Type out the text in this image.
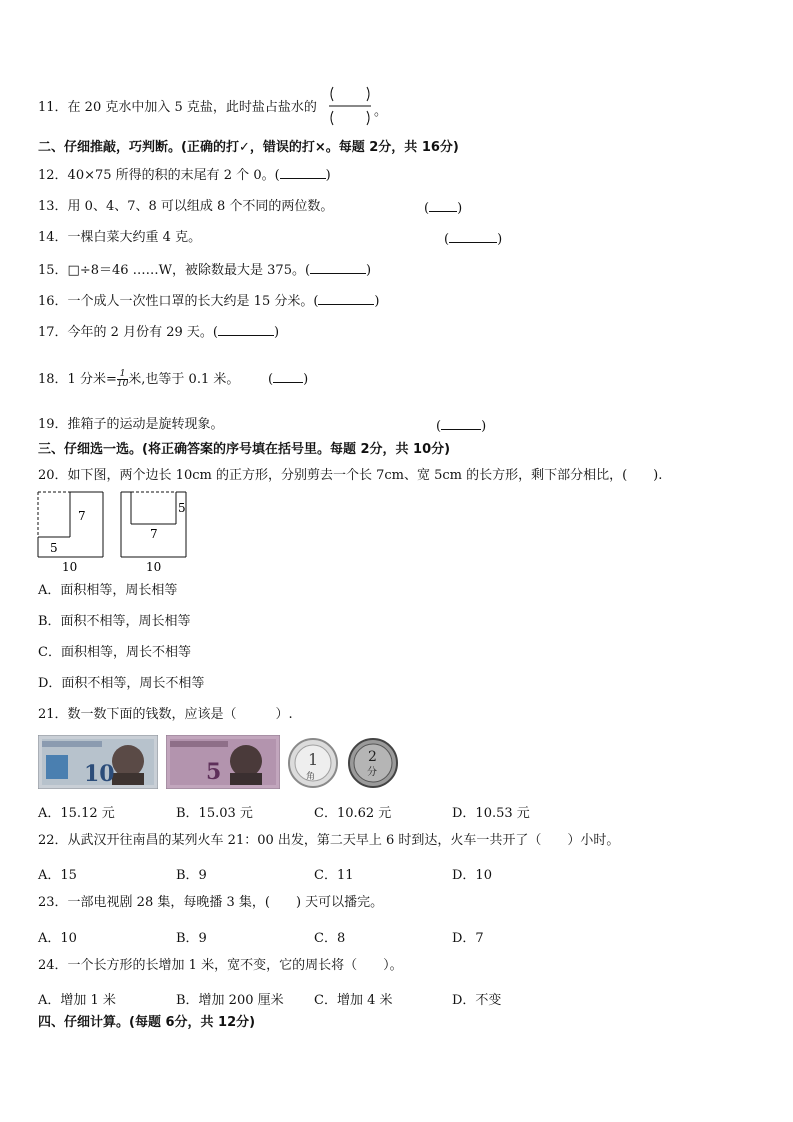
11．在 20 克水中加入 5 克盐，此时盐占盐水的	。
二、仔细推敲，巧判断。(正确的打✓，错误的打×。每题 2分，共 16分)
12．40×75 所得的积的末尾有 2 个 0。(	)
13．用 0、4、7、8 可以组成 8 个不同的两位数。	( )
14．一棵白菜大约重 4 克。	(	)
15．□÷8＝46 ……W，被除数最大是 375。(	)
16．一个成人一次性口罩的长大约是 15 分米。(	)
17．今年的 2 月份有 29 天。(	)
18．1 分米= $\frac{1}{10}$ 米,也等于 0.1 米。 ( )
19．推箱子的运动是旋转现象。	(	)
三、仔细选一选。(将正确答案的序号填在括号里。每题 2分，共 10分)
20．如下图，两个边长 10cm 的正方形，分别剪去一个长 7cm、宽 5cm 的长方形，剩下部分相比，(　　).
7
5
10
5
7
10
A．面积相等，周长相等
B．面积不相等，周长相等
C．面积相等，周长不相等
D．面积不相等，周长不相等
21．数一数下面的钱数，应该是（　　　）.
10	5	1
角
2
分
A．15.12 元	B．15.03 元	C．10.62 元	D．10.53 元
22．从武汉开往南昌的某列火车 21：00 出发，第二天早上 6 时到达，火车一共开了（　　）小时。
A．15	B．9	C．11	D．10
23．一部电视剧 28 集，每晚播 3 集，(　　) 天可以播完。
A．10	B．9	C．8	D．7
24．一个长方形的长增加 1 米，宽不变，它的周长将（　　）。
A．增加 1 米	B．增加 200 厘米 C．增加 4 米	D．不变
四、仔细计算。(每题 6分，共 12分)
